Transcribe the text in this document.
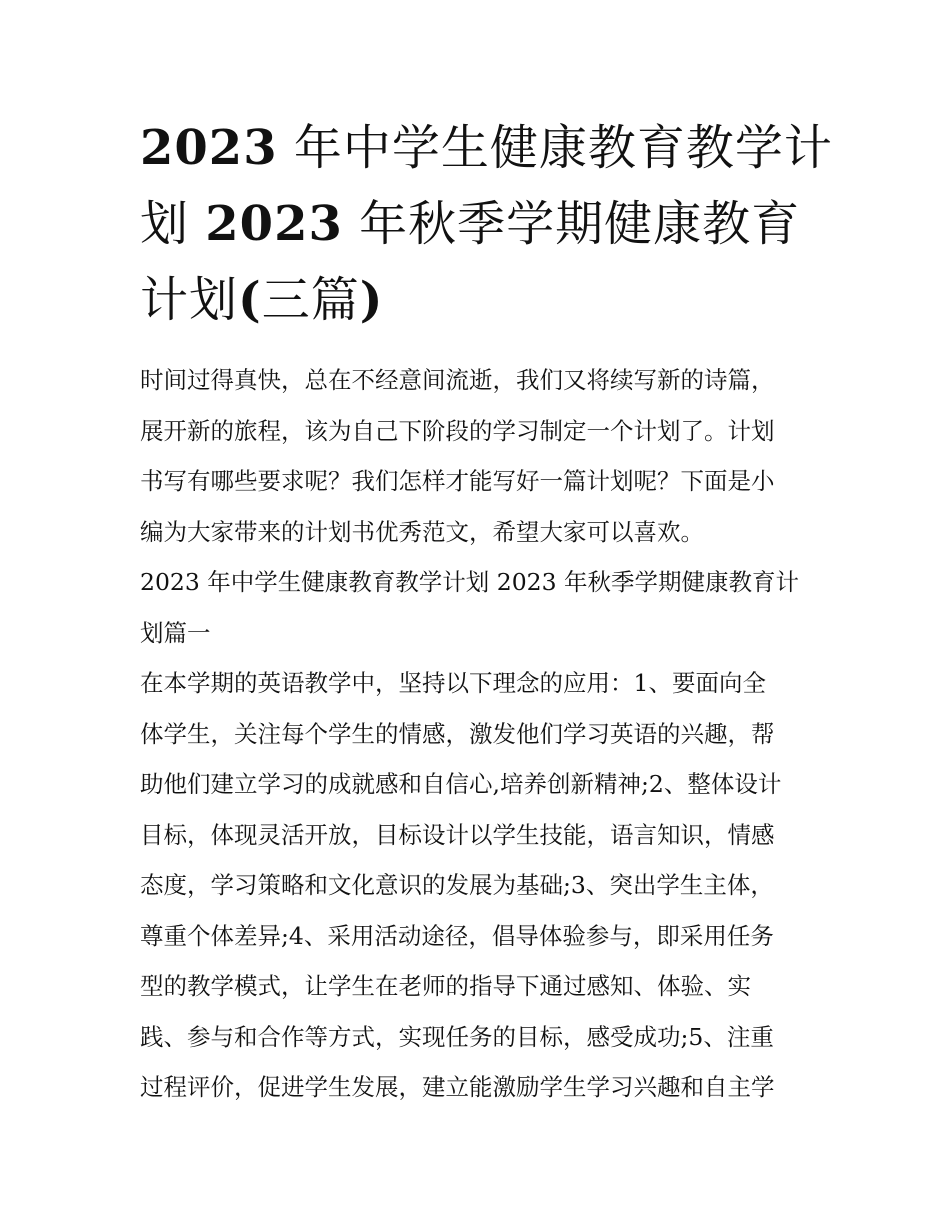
2023 年中学生健康教育教学计
划 2023 年秋季学期健康教育
计划(三篇)
时间过得真快，总在不经意间流逝，我们又将续写新的诗篇，
展开新的旅程，该为自己下阶段的学习制定一个计划了。计划
书写有哪些要求呢？我们怎样才能写好一篇计划呢？下面是小
编为大家带来的计划书优秀范文，希望大家可以喜欢。
2023 年中学生健康教育教学计划 2023 年秋季学期健康教育计
划篇一
在本学期的英语教学中，坚持以下理念的应用：1、要面向全
体学生，关注每个学生的情感，激发他们学习英语的兴趣，帮
助他们建立学习的成就感和自信心,培养创新精神;2、整体设计
目标，体现灵活开放，目标设计以学生技能，语言知识，情感
态度，学习策略和文化意识的发展为基础;3、突出学生主体，
尊重个体差异;4、采用活动途径，倡导体验参与，即采用任务
型的教学模式，让学生在老师的指导下通过感知、体验、实
践、参与和合作等方式，实现任务的目标，感受成功;5、注重
过程评价，促进学生发展，建立能激励学生学习兴趣和自主学
